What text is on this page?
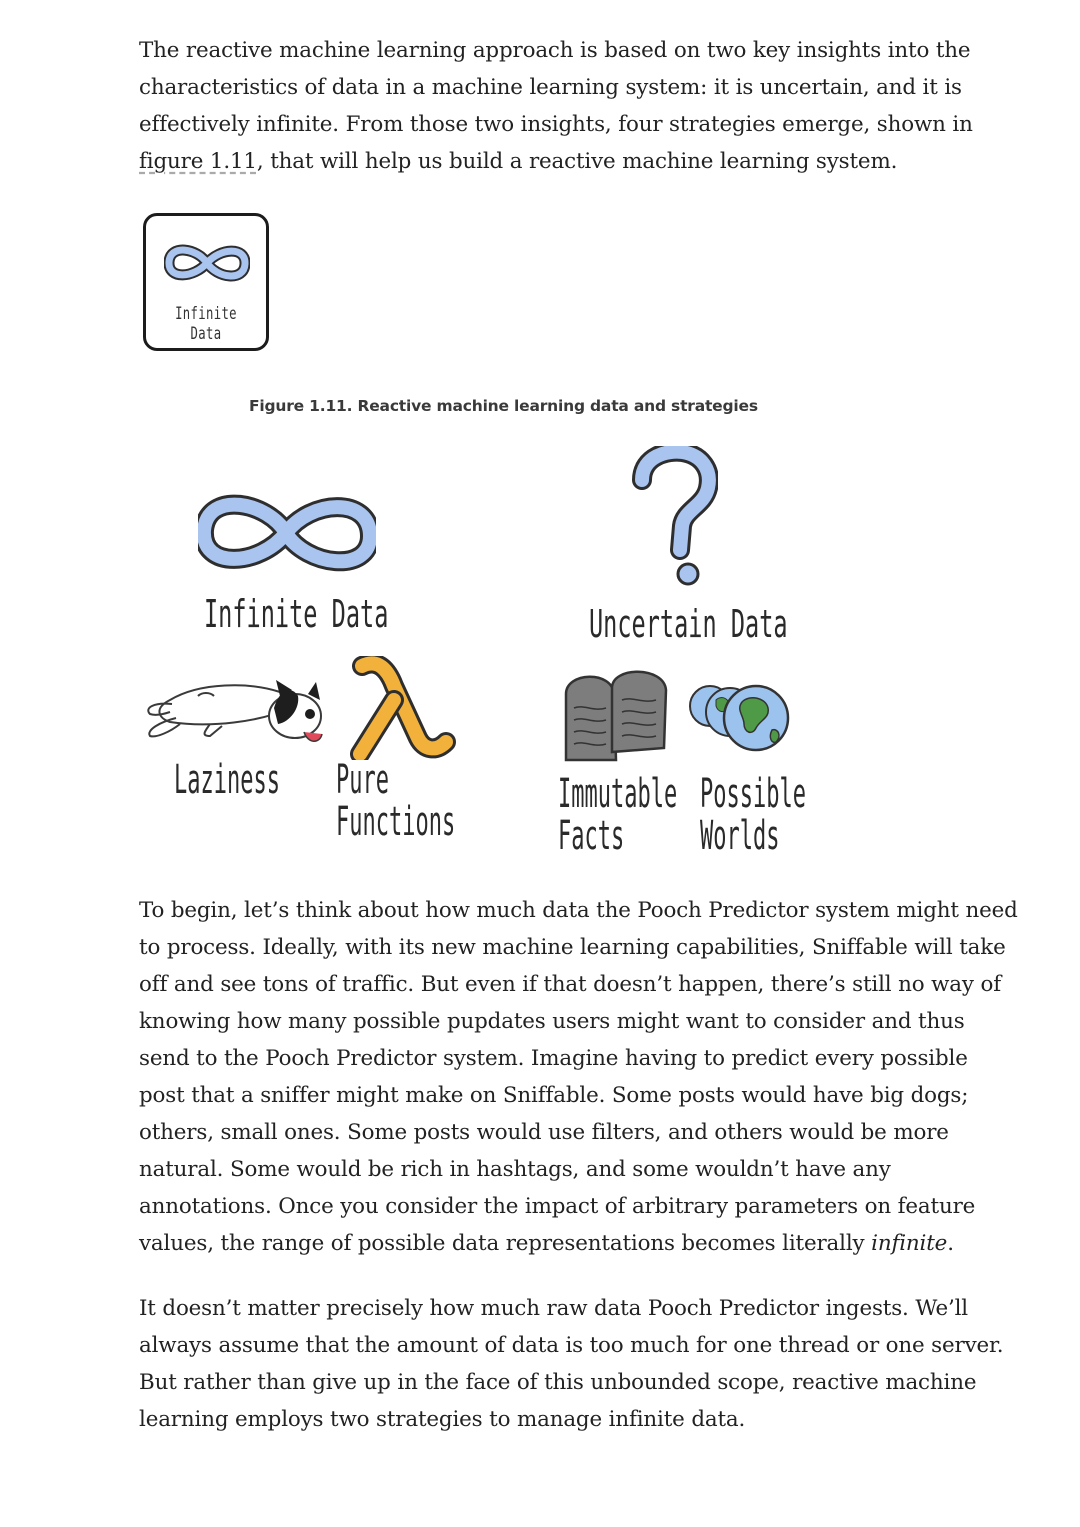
The reactive machine learning approach is based on two key insights into the characteristics of data in a machine learning system: it is uncertain, and it is effectively infinite. From those two insights, four strategies emerge, shown in figure 1.11, that will help us build a reactive machine learning system.

Infinite Data

Figure 1.11. Reactive machine learning data and strategies

Infinite Data	Uncertain Data
Laziness Pure
Functions
Immutable
Facts
Possible
Worlds

To begin, let’s think about how much data the Pooch Predictor system might need to process. Ideally, with its new machine learning capabilities, Sniffable will take off and see tons of traffic. But even if that doesn’t happen, there’s still no way of knowing how many possible pupdates users might want to consider and thus send to the Pooch Predictor system. Imagine having to predict every possible post that a sniffer might make on Sniffable. Some posts would have big dogs; others, small ones. Some posts would use filters, and others would be more natural. Some would be rich in hashtags, and some wouldn’t have any annotations. Once you consider the impact of arbitrary parameters on feature values, the range of possible data representations becomes literally infinite.

It doesn’t matter precisely how much raw data Pooch Predictor ingests. We’ll always assume that the amount of data is too much for one thread or one server. But rather than give up in the face of this unbounded scope, reactive machine learning employs two strategies to manage infinite data.
